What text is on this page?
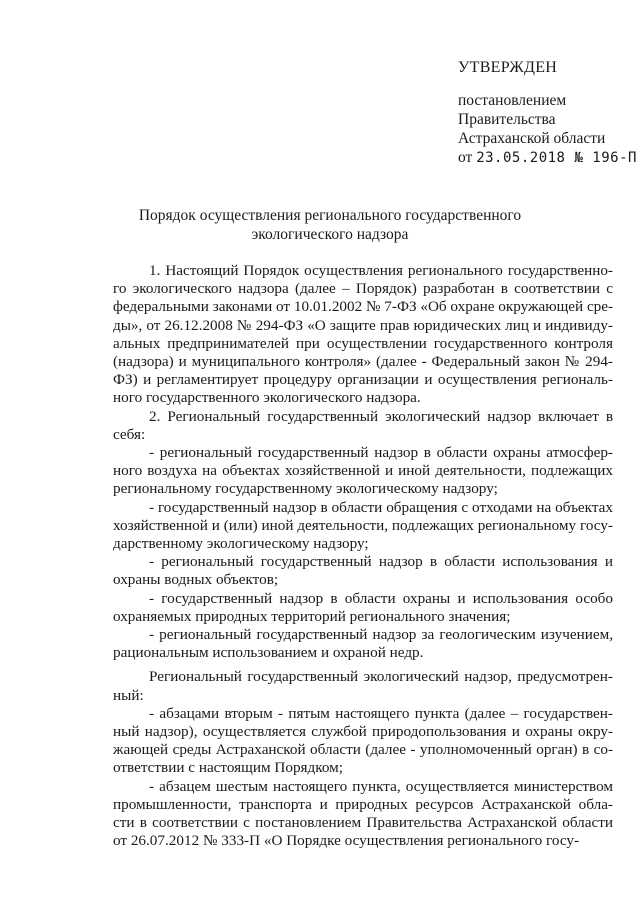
УТВЕРЖДЕН
постановлением
Правительства
Астраханской области
от 23.05.2018 № 196-П
Порядок осуществления регионального государственного
экологического надзора
1. Настоящий Порядок осуществления регионального государственно-
го экологического надзора (далее – Порядок) разработан в соответствии с
федеральными законами от 10.01.2002 № 7-ФЗ «Об охране окружающей сре-
ды», от 26.12.2008 № 294-ФЗ «О защите прав юридических лиц и индивиду-
альных предпринимателей при осуществлении государственного контроля
(надзора) и муниципального контроля» (далее - Федеральный закон № 294-
ФЗ) и регламентирует процедуру организации и осуществления региональ-
ного государственного экологического надзора.
2. Региональный государственный экологический надзор включает в
себя:
- региональный государственный надзор в области охраны атмосфер-
ного воздуха на объектах хозяйственной и иной деятельности, подлежащих
региональному государственному экологическому надзору;
- государственный надзор в области обращения с отходами на объектах
хозяйственной и (или) иной деятельности, подлежащих региональному госу-
дарственному экологическому надзору;
- региональный государственный надзор в области использования и
охраны водных объектов;
- государственный надзор в области охраны и использования особо
охраняемых природных территорий регионального значения;
- региональный государственный надзор за геологическим изучением,
рациональным использованием и охраной недр.
Региональный государственный экологический надзор, предусмотрен-
ный:
- абзацами вторым - пятым настоящего пункта (далее – государствен-
ный надзор), осуществляется службой природопользования и охраны окру-
жающей среды Астраханской области (далее - уполномоченный орган) в со-
ответствии с настоящим Порядком;
- абзацем шестым настоящего пункта, осуществляется министерством
промышленности, транспорта и природных ресурсов Астраханской обла-
сти в соответствии с постановлением Правительства Астраханской области
от 26.07.2012 № 333-П «О Порядке осуществления регионального госу-
